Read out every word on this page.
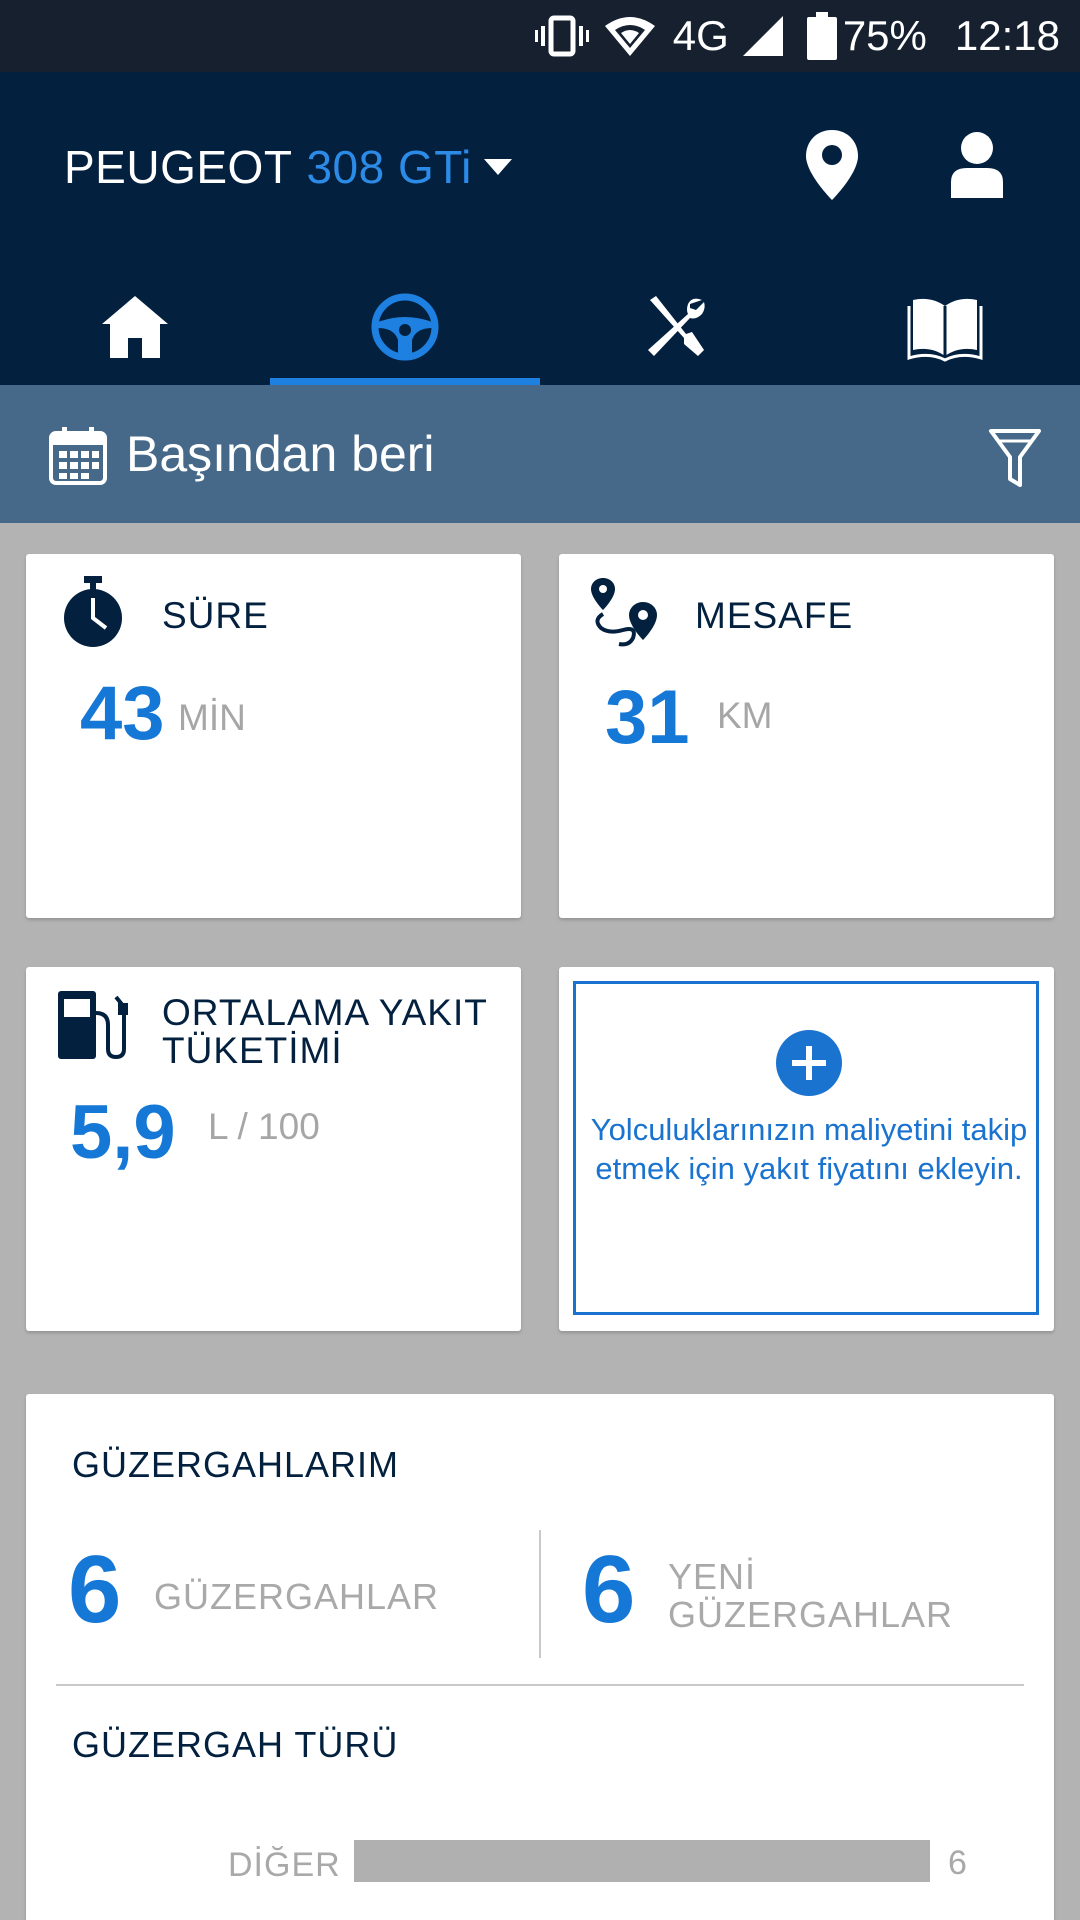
4G	75% 12:18
PEUGEOT 308 GTi
Başından beri
SÜRE
43 MİN
MESAFE
31 KM
ORTALAMA YAKIT
TÜKETİMİ
5,9 L / 100	Yolculuklarınızın maliyetini takip etmek için yakıt fiyatını ekleyin.
GÜZERGAHLARIM
6 GÜZERGAHLAR 6 YENİ
GÜZERGAHLAR
GÜZERGAH TÜRÜ
DİĞER	6
